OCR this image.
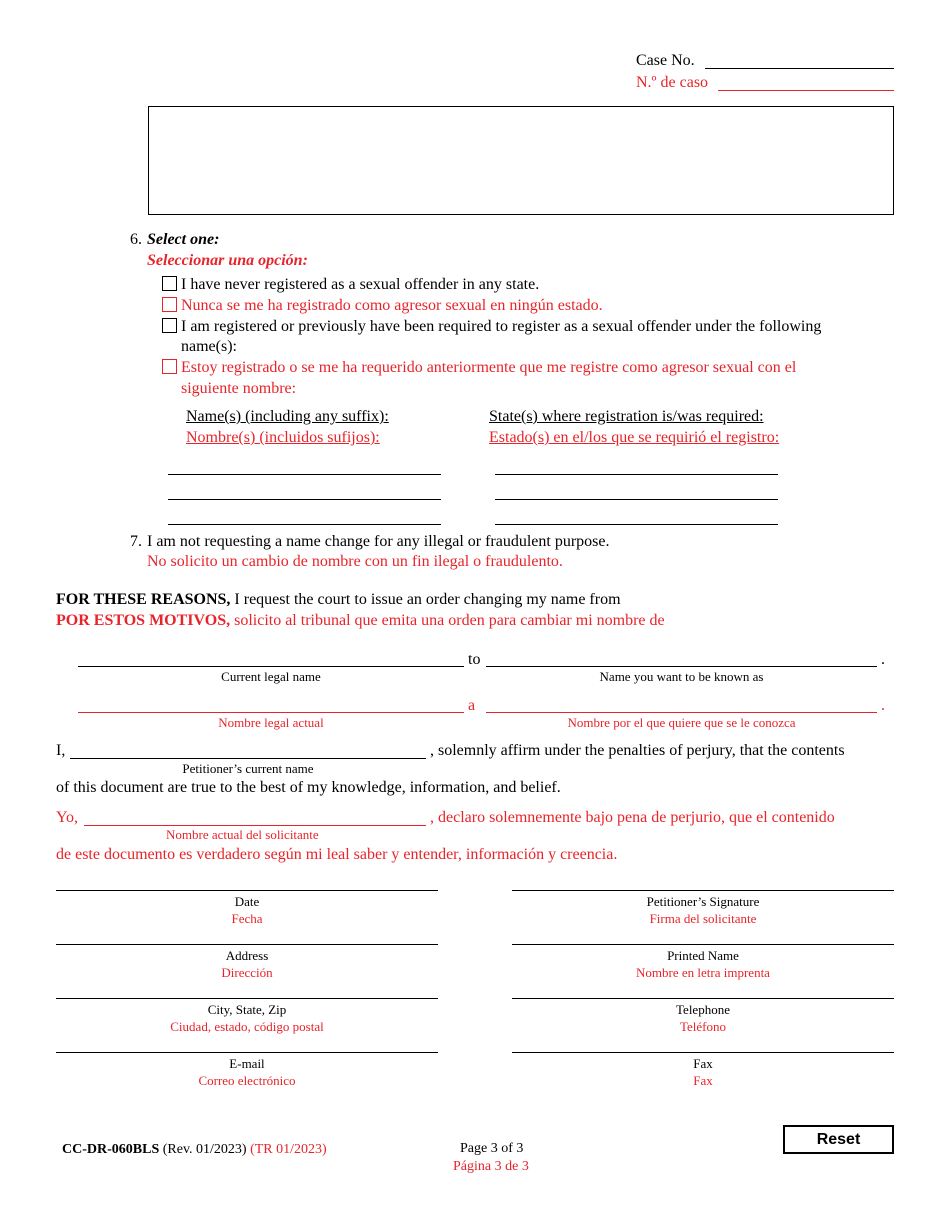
Case No.
N.º de caso
6. Select one:
Seleccionar una opción:
I have never registered as a sexual offender in any state.
Nunca se me ha registrado como agresor sexual en ningún estado.
I am registered or previously have been required to register as a sexual offender under the following
name(s):
Estoy registrado o se me ha requerido anteriormente que me registre como agresor sexual con el
siguiente nombre:
Name(s) (including any suffix):
Nombre(s) (incluidos sufijos):
State(s) where registration is/was required:
Estado(s) en el/los que se requirió el registro:
7. I am not requesting a name change for any illegal or fraudulent purpose.
No solicito un cambio de nombre con un fin ilegal o fraudulento.
FOR THESE REASONS, I request the court to issue an order changing my name from
POR ESTOS MOTIVOS, solicito al tribunal que emita una orden para cambiar mi nombre de
to	.
Current legal name	Name you want to be known as
a	.
Nombre legal actual	Nombre por el que quiere que se le conozca
I,	, solemnly affirm under the penalties of perjury, that the contents
Petitioner’s current name
of this document are true to the best of my knowledge, information, and belief.
Yo,	, declaro solemnemente bajo pena de perjurio, que el contenido
Nombre actual del solicitante
de este documento es verdadero según mi leal saber y entender, información y creencia.
Date
Fecha
Address
Dirección
City, State, Zip
Ciudad, estado, código postal
E-mail
Correo electrónico
Petitioner’s Signature
Firma del solicitante
Printed Name
Nombre en letra imprenta
Telephone
Teléfono
Fax
Fax
CC-DR-060BLS (Rev. 01/2023) (TR 01/2023)	Page 3 of 3
Página 3 de 3
Reset
